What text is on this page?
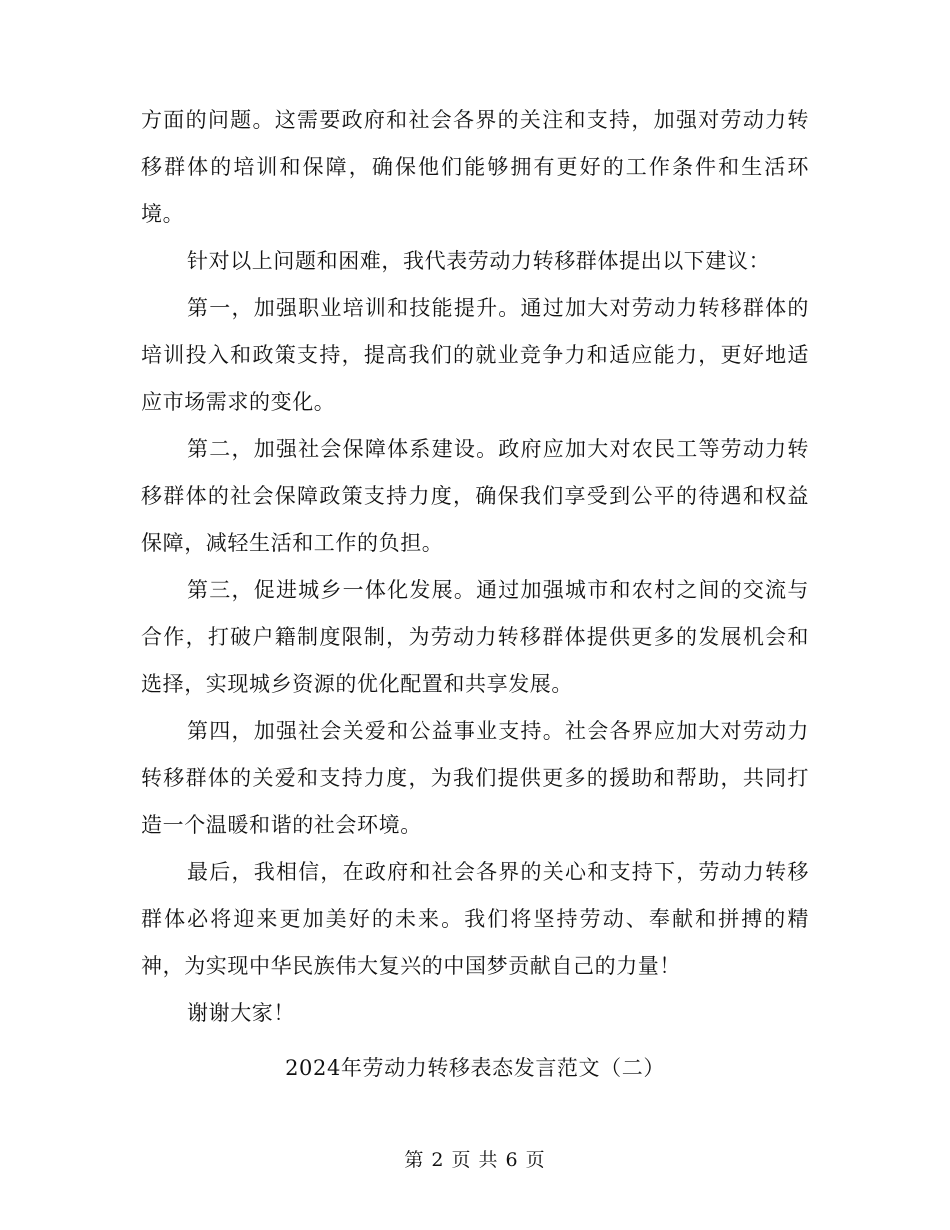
方面的问题。这需要政府和社会各界的关注和支持，加强对劳动力转移群体的培训和保障，确保他们能够拥有更好的工作条件和生活环境。

针对以上问题和困难，我代表劳动力转移群体提出以下建议：

第一，加强职业培训和技能提升。通过加大对劳动力转移群体的培训投入和政策支持，提高我们的就业竞争力和适应能力，更好地适应市场需求的变化。

第二，加强社会保障体系建设。政府应加大对农民工等劳动力转移群体的社会保障政策支持力度，确保我们享受到公平的待遇和权益保障，减轻生活和工作的负担。

第三，促进城乡一体化发展。通过加强城市和农村之间的交流与合作，打破户籍制度限制，为劳动力转移群体提供更多的发展机会和选择，实现城乡资源的优化配置和共享发展。

第四，加强社会关爱和公益事业支持。社会各界应加大对劳动力转移群体的关爱和支持力度，为我们提供更多的援助和帮助，共同打造一个温暖和谐的社会环境。

最后，我相信，在政府和社会各界的关心和支持下，劳动力转移群体必将迎来更加美好的未来。我们将坚持劳动、奉献和拼搏的精神，为实现中华民族伟大复兴的中国梦贡献自己的力量！

谢谢大家！

2024年劳动力转移表态发言范文（二）
第 2 页 共 6 页
